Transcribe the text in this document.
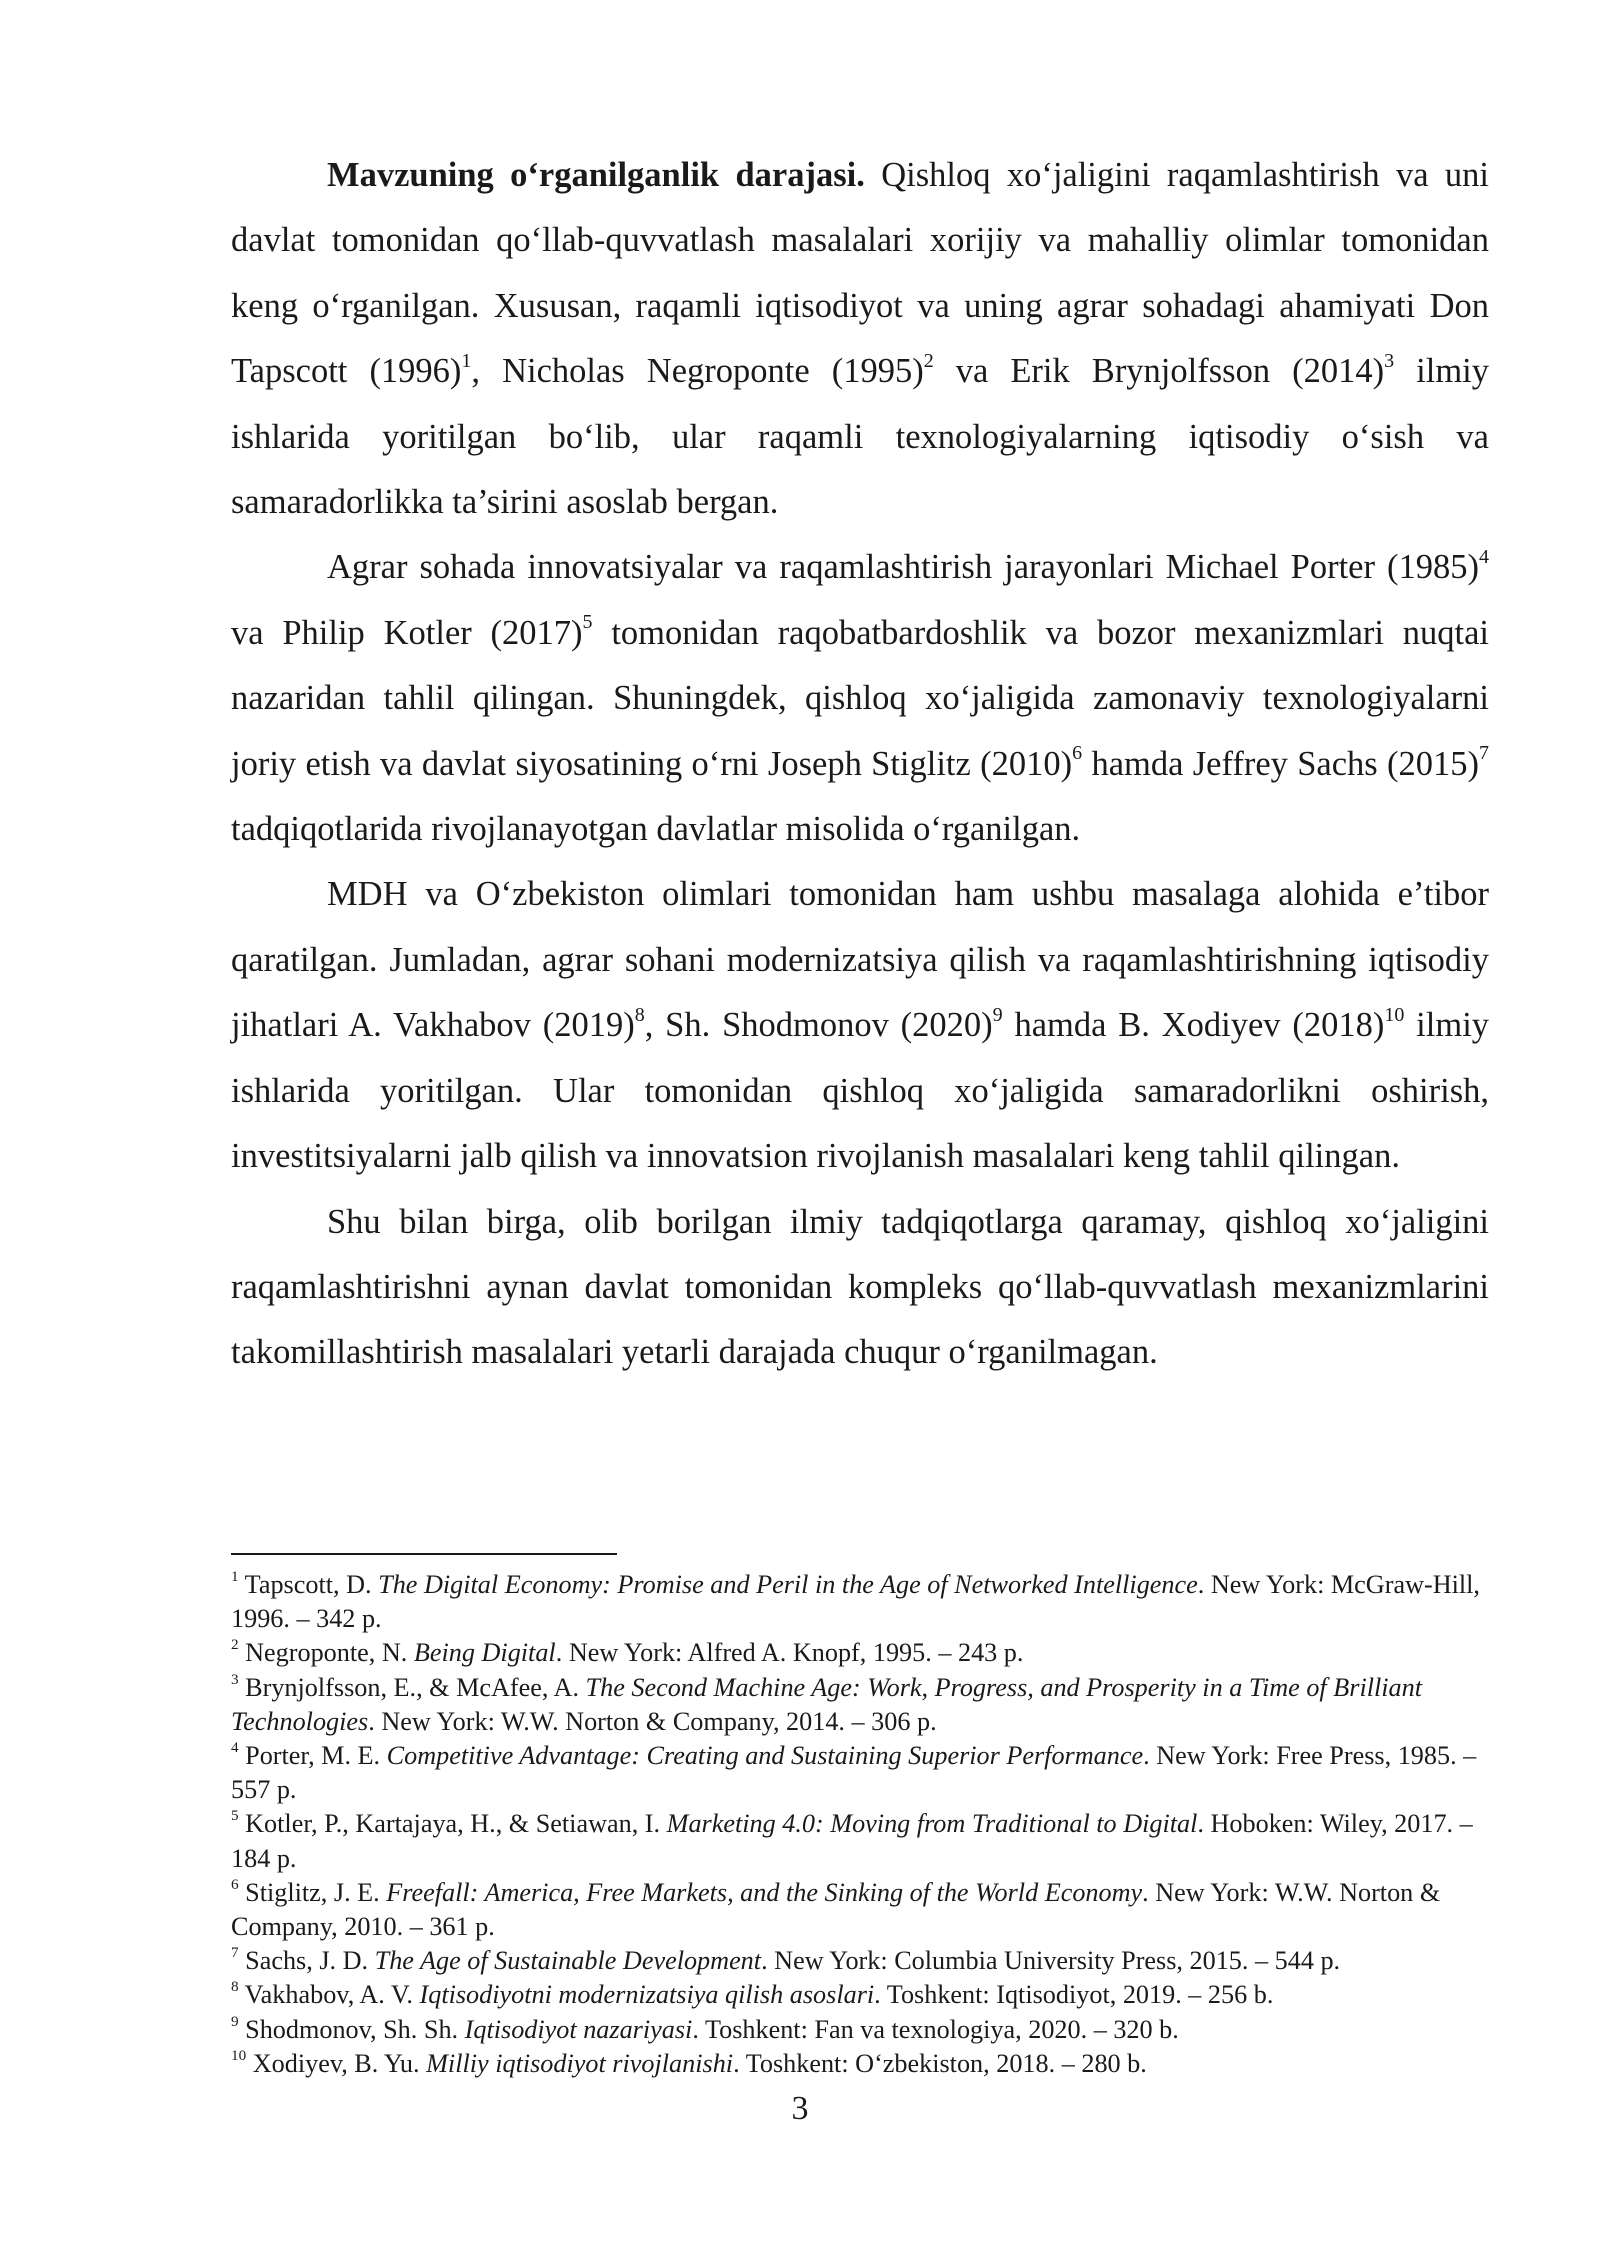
Mavzuning o‘rganilganlik darajasi. Qishloq xo‘jaligini raqamlashtirish va uni davlat tomonidan qo‘llab-quvvatlash masalalari xorijiy va mahalliy olimlar tomonidan keng o‘rganilgan. Xususan, raqamli iqtisodiyot va uning agrar sohadagi ahamiyati Don Tapscott $(1996)^1$, Nicholas Negroponte $(1995)^2$ va Erik Brynjolfsson $(2014)^3$ ilmiy ishlarida yoritilgan bo‘lib, ular raqamli texnologiyalarning iqtisodiy o‘sish va samaradorlikka ta’sirini asoslab bergan.

Agrar sohada innovatsiyalar va raqamlashtirish jarayonlari Michael Porter $(1985)^4$ va Philip Kotler $(2017)^5$ tomonidan raqobatbardoshlik va bozor mexanizmlari nuqtai nazaridan tahlil qilingan. Shuningdek, qishloq xo‘jaligida zamonaviy texnologiyalarni joriy etish va davlat siyosatining o‘rni Joseph Stiglitz $(2010)^6$ hamda Jeffrey Sachs $(2015)^7$ tadqiqotlarida rivojlanayotgan davlatlar misolida o‘rganilgan.

MDH va O‘zbekiston olimlari tomonidan ham ushbu masalaga alohida e’tibor qaratilgan. Jumladan, agrar sohani modernizatsiya qilish va raqamlashtirishning iqtisodiy jihatlari A. Vakhabov $(2019)^8$, Sh. Shodmonov $(2020)^9$ hamda B. Xodiyev $(2018)^{10}$ ilmiy ishlarida yoritilgan. Ular tomonidan qishloq xo‘jaligida samaradorlikni oshirish, investitsiyalarni jalb qilish va innovatsion rivojlanish masalalari keng tahlil qilingan.

Shu bilan birga, olib borilgan ilmiy tadqiqotlarga qaramay, qishloq xo‘jaligini raqamlashtirishni aynan davlat tomonidan kompleks qo‘llab-quvvatlash mexanizmlarini takomillashtirish masalalari yetarli darajada chuqur o‘rganilmagan.

$^1$ Tapscott, D. The Digital Economy: Promise and Peril in the Age of Networked Intelligence. New York: McGraw-Hill, 1996. – 342 p.

$^2$ Negroponte, N. Being Digital. New York: Alfred A. Knopf, 1995. – 243 p.

$^3$ Brynjolfsson, E., & McAfee, A. The Second Machine Age: Work, Progress, and Prosperity in a Time of Brilliant Technologies. New York: W.W. Norton & Company, 2014. – 306 p.

$^4$ Porter, M. E. Competitive Advantage: Creating and Sustaining Superior Performance. New York: Free Press, 1985. – 557 p.

$^5$ Kotler, P., Kartajaya, H., & Setiawan, I. Marketing 4.0: Moving from Traditional to Digital. Hoboken: Wiley, 2017. – 184 p.

$^6$ Stiglitz, J. E. Freefall: America, Free Markets, and the Sinking of the World Economy. New York: W.W. Norton & Company, 2010. – 361 p.

$^7$ Sachs, J. D. The Age of Sustainable Development. New York: Columbia University Press, 2015. – 544 p.

$^8$ Vakhabov, A. V. Iqtisodiyotni modernizatsiya qilish asoslari. Toshkent: Iqtisodiyot, 2019. – 256 b.

$^9$ Shodmonov, Sh. Sh. Iqtisodiyot nazariyasi. Toshkent: Fan va texnologiya, 2020. – 320 b.

$^{10}$ Xodiyev, B. Yu. Milliy iqtisodiyot rivojlanishi. Toshkent: O‘zbekiston, 2018. – 280 b.

3
